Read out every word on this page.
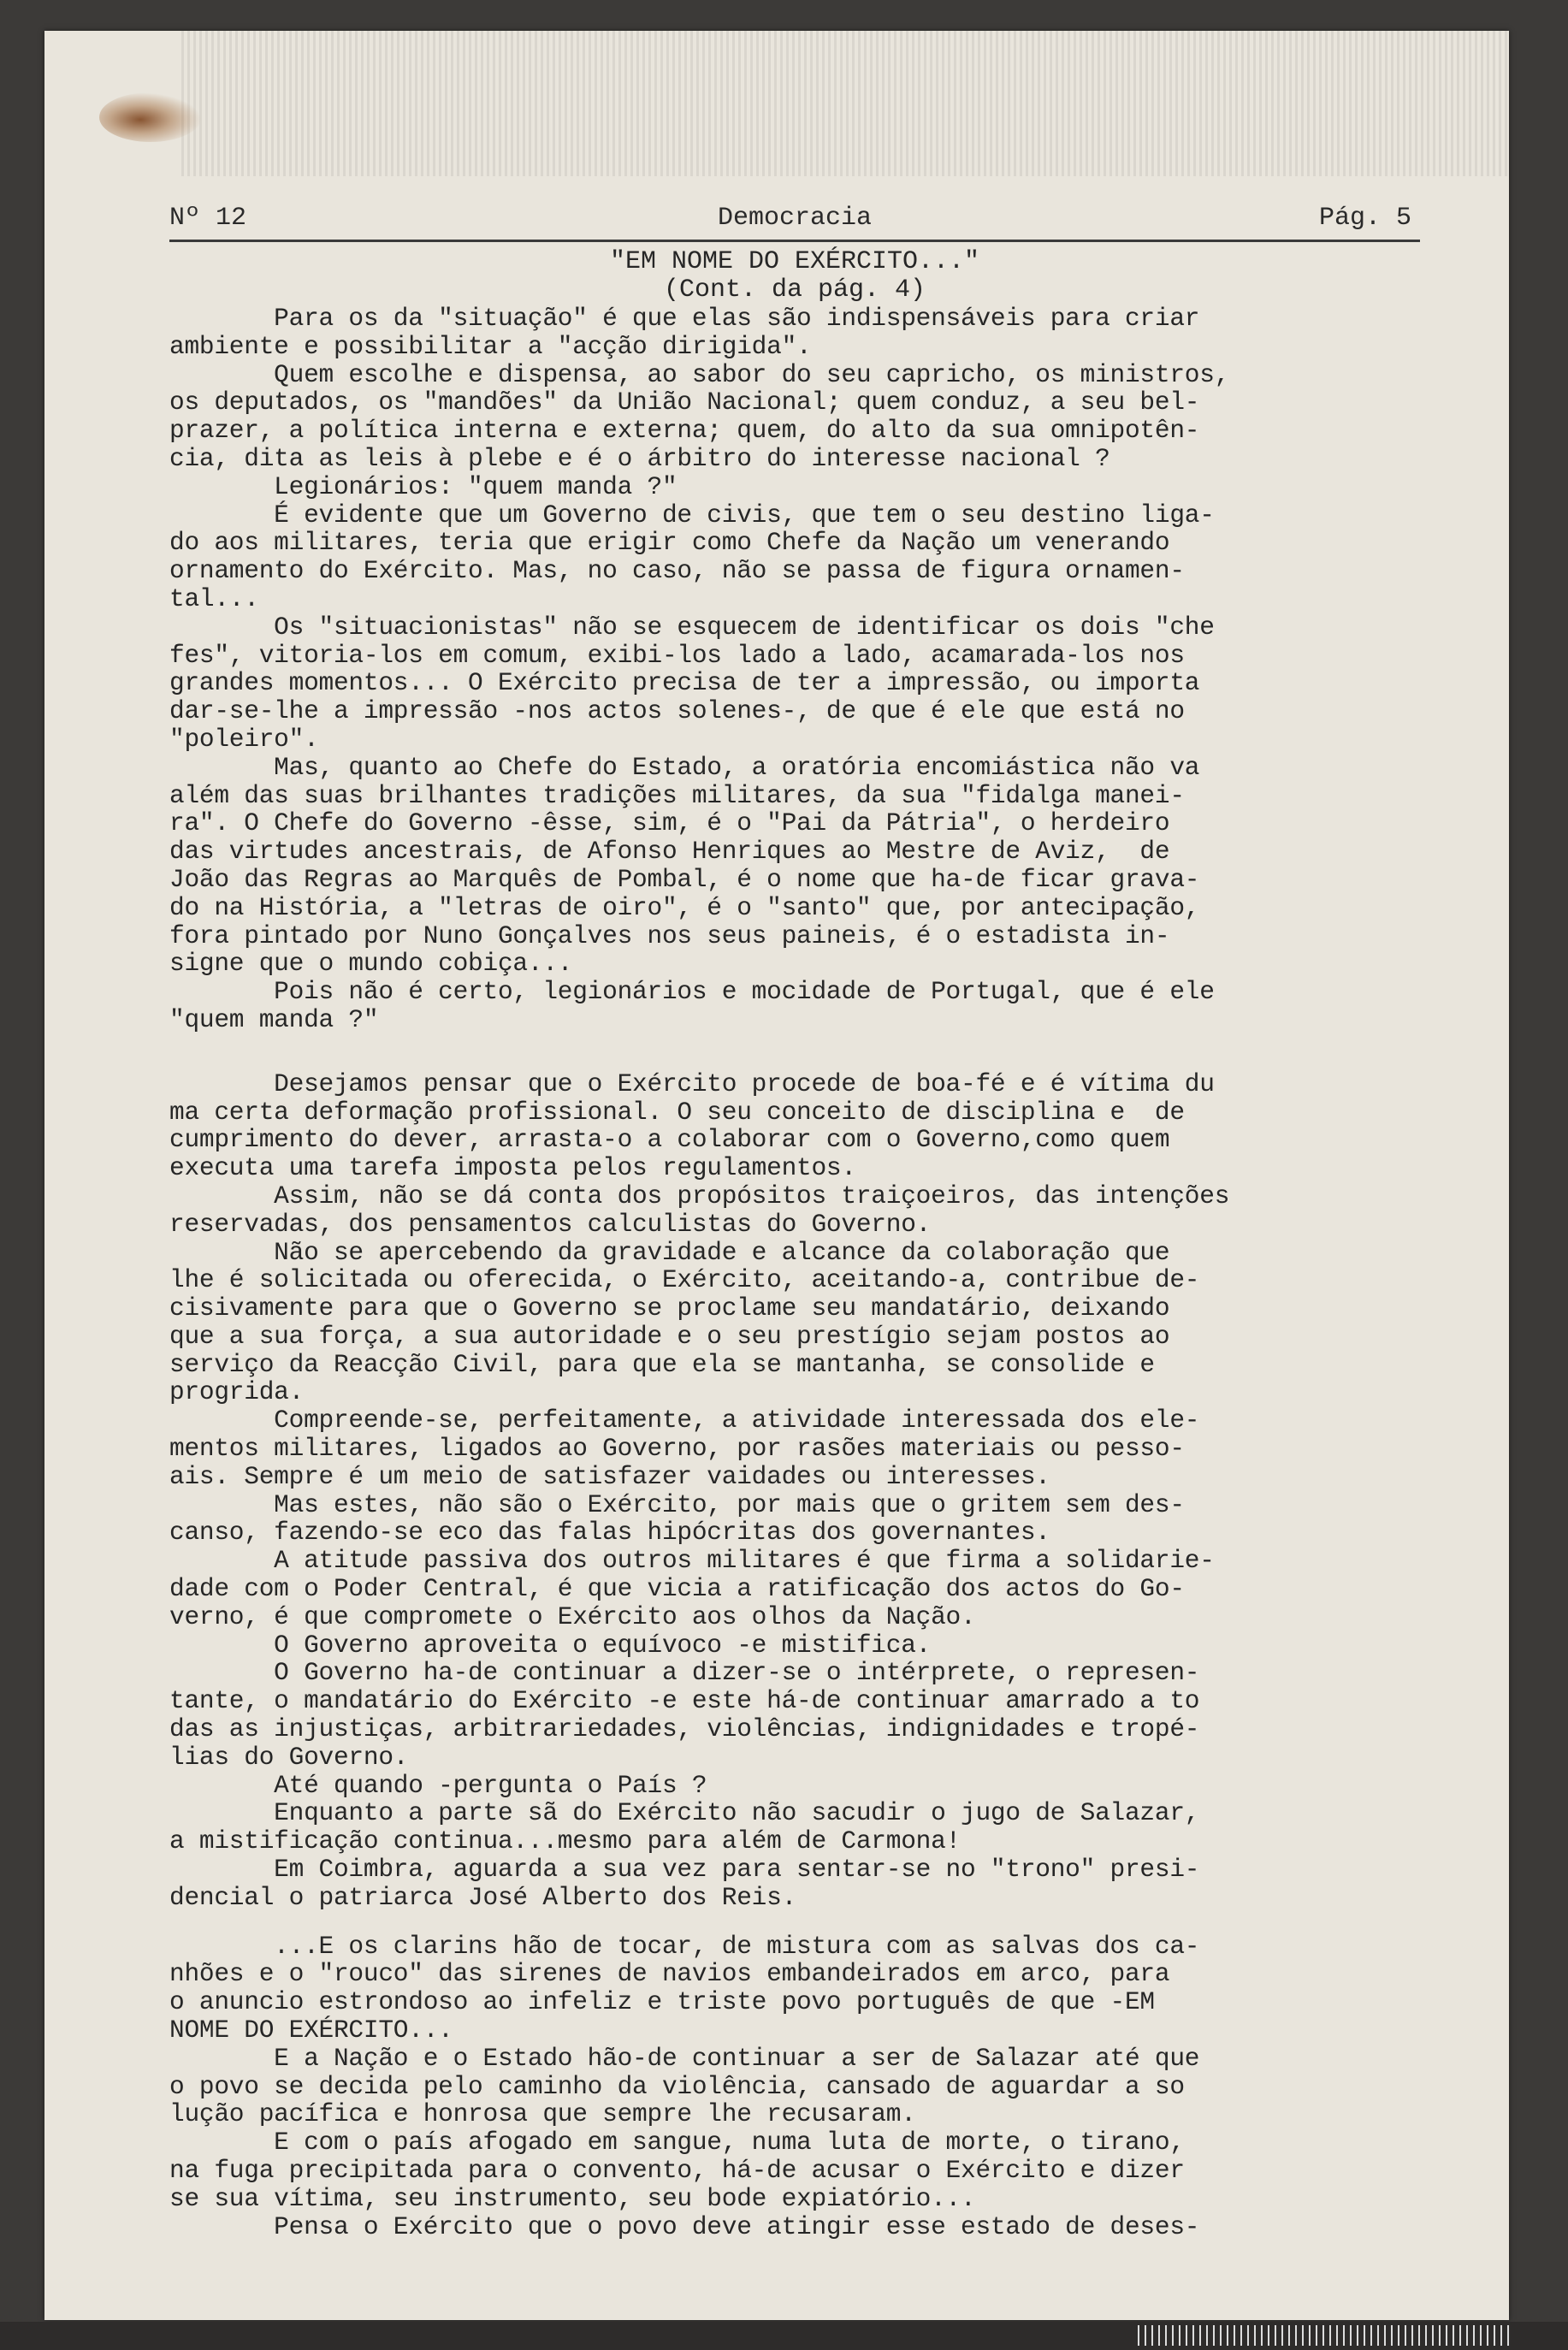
Nº 12	Democracia	Pág. 5
"EM NOME DO EXÉRCITO..."
(Cont. da pág. 4)
Para os da "situação" é que elas são indispensáveis para criar
ambiente e possibilitar a "acção dirigida".
Quem escolhe e dispensa, ao sabor do seu capricho, os ministros,
os deputados, os "mandões" da União Nacional; quem conduz, a seu bel-
prazer, a política interna e externa; quem, do alto da sua omnipotên-
cia, dita as leis à plebe e é o árbitro do interesse nacional ?
Legionários: "quem manda ?"
É evidente que um Governo de civis, que tem o seu destino liga-
do aos militares, teria que erigir como Chefe da Nação um venerando
ornamento do Exército. Mas, no caso, não se passa de figura ornamen-
tal...
Os "situacionistas" não se esquecem de identificar os dois "che
fes", vitoria-los em comum, exibi-los lado a lado, acamarada-los nos
grandes momentos... O Exército precisa de ter a impressão, ou importa
dar-se-lhe a impressão -nos actos solenes-, de que é ele que está no
"poleiro".
Mas, quanto ao Chefe do Estado, a oratória encomiástica não va
além das suas brilhantes tradições militares, da sua "fidalga manei-
ra". O Chefe do Governo -êsse, sim, é o "Pai da Pátria", o herdeiro
das virtudes ancestrais, de Afonso Henriques ao Mestre de Aviz,  de
João das Regras ao Marquês de Pombal, é o nome que ha-de ficar grava-
do na História, a "letras de oiro", é o "santo" que, por antecipação,
fora pintado por Nuno Gonçalves nos seus paineis, é o estadista in-
signe que o mundo cobiça...
Pois não é certo, legionários e mocidade de Portugal, que é ele
"quem manda ?"
Desejamos pensar que o Exército procede de boa-fé e é vítima du
ma certa deformação profissional. O seu conceito de disciplina e  de
cumprimento do dever, arrasta-o a colaborar com o Governo,como quem
executa uma tarefa imposta pelos regulamentos.
Assim, não se dá conta dos propósitos traiçoeiros, das intenções
reservadas, dos pensamentos calculistas do Governo.
Não se apercebendo da gravidade e alcance da colaboração que
lhe é solicitada ou oferecida, o Exército, aceitando-a, contribue de-
cisivamente para que o Governo se proclame seu mandatário, deixando
que a sua força, a sua autoridade e o seu prestígio sejam postos ao
serviço da Reacção Civil, para que ela se mantanha, se consolide e
progrida.
Compreende-se, perfeitamente, a atividade interessada dos ele-
mentos militares, ligados ao Governo, por rasões materiais ou pesso-
ais. Sempre é um meio de satisfazer vaidades ou interesses.
Mas estes, não são o Exército, por mais que o gritem sem des-
canso, fazendo-se eco das falas hipócritas dos governantes.
A atitude passiva dos outros militares é que firma a solidarie-
dade com o Poder Central, é que vicia a ratificação dos actos do Go-
verno, é que compromete o Exército aos olhos da Nação.
O Governo aproveita o equívoco -e mistifica.
O Governo ha-de continuar a dizer-se o intérprete, o represen-
tante, o mandatário do Exército -e este há-de continuar amarrado a to
das as injustiças, arbitrariedades, violências, indignidades e tropé-
lias do Governo.
Até quando -pergunta o País ?
Enquanto a parte sã do Exército não sacudir o jugo de Salazar,
a mistificação continua...mesmo para além de Carmona!
Em Coimbra, aguarda a sua vez para sentar-se no "trono" presi-
dencial o patriarca José Alberto dos Reis.
...E os clarins hão de tocar, de mistura com as salvas dos ca-
nhões e o "rouco" das sirenes de navios embandeirados em arco, para
o anuncio estrondoso ao infeliz e triste povo português de que -EM
NOME DO EXÉRCITO...
E a Nação e o Estado hão-de continuar a ser de Salazar até que
o povo se decida pelo caminho da violência, cansado de aguardar a so
lução pacífica e honrosa que sempre lhe recusaram.
E com o país afogado em sangue, numa luta de morte, o tirano,
na fuga precipitada para o convento, há-de acusar o Exército e dizer
se sua vítima, seu instrumento, seu bode expiatório...
Pensa o Exército que o povo deve atingir esse estado de deses-
